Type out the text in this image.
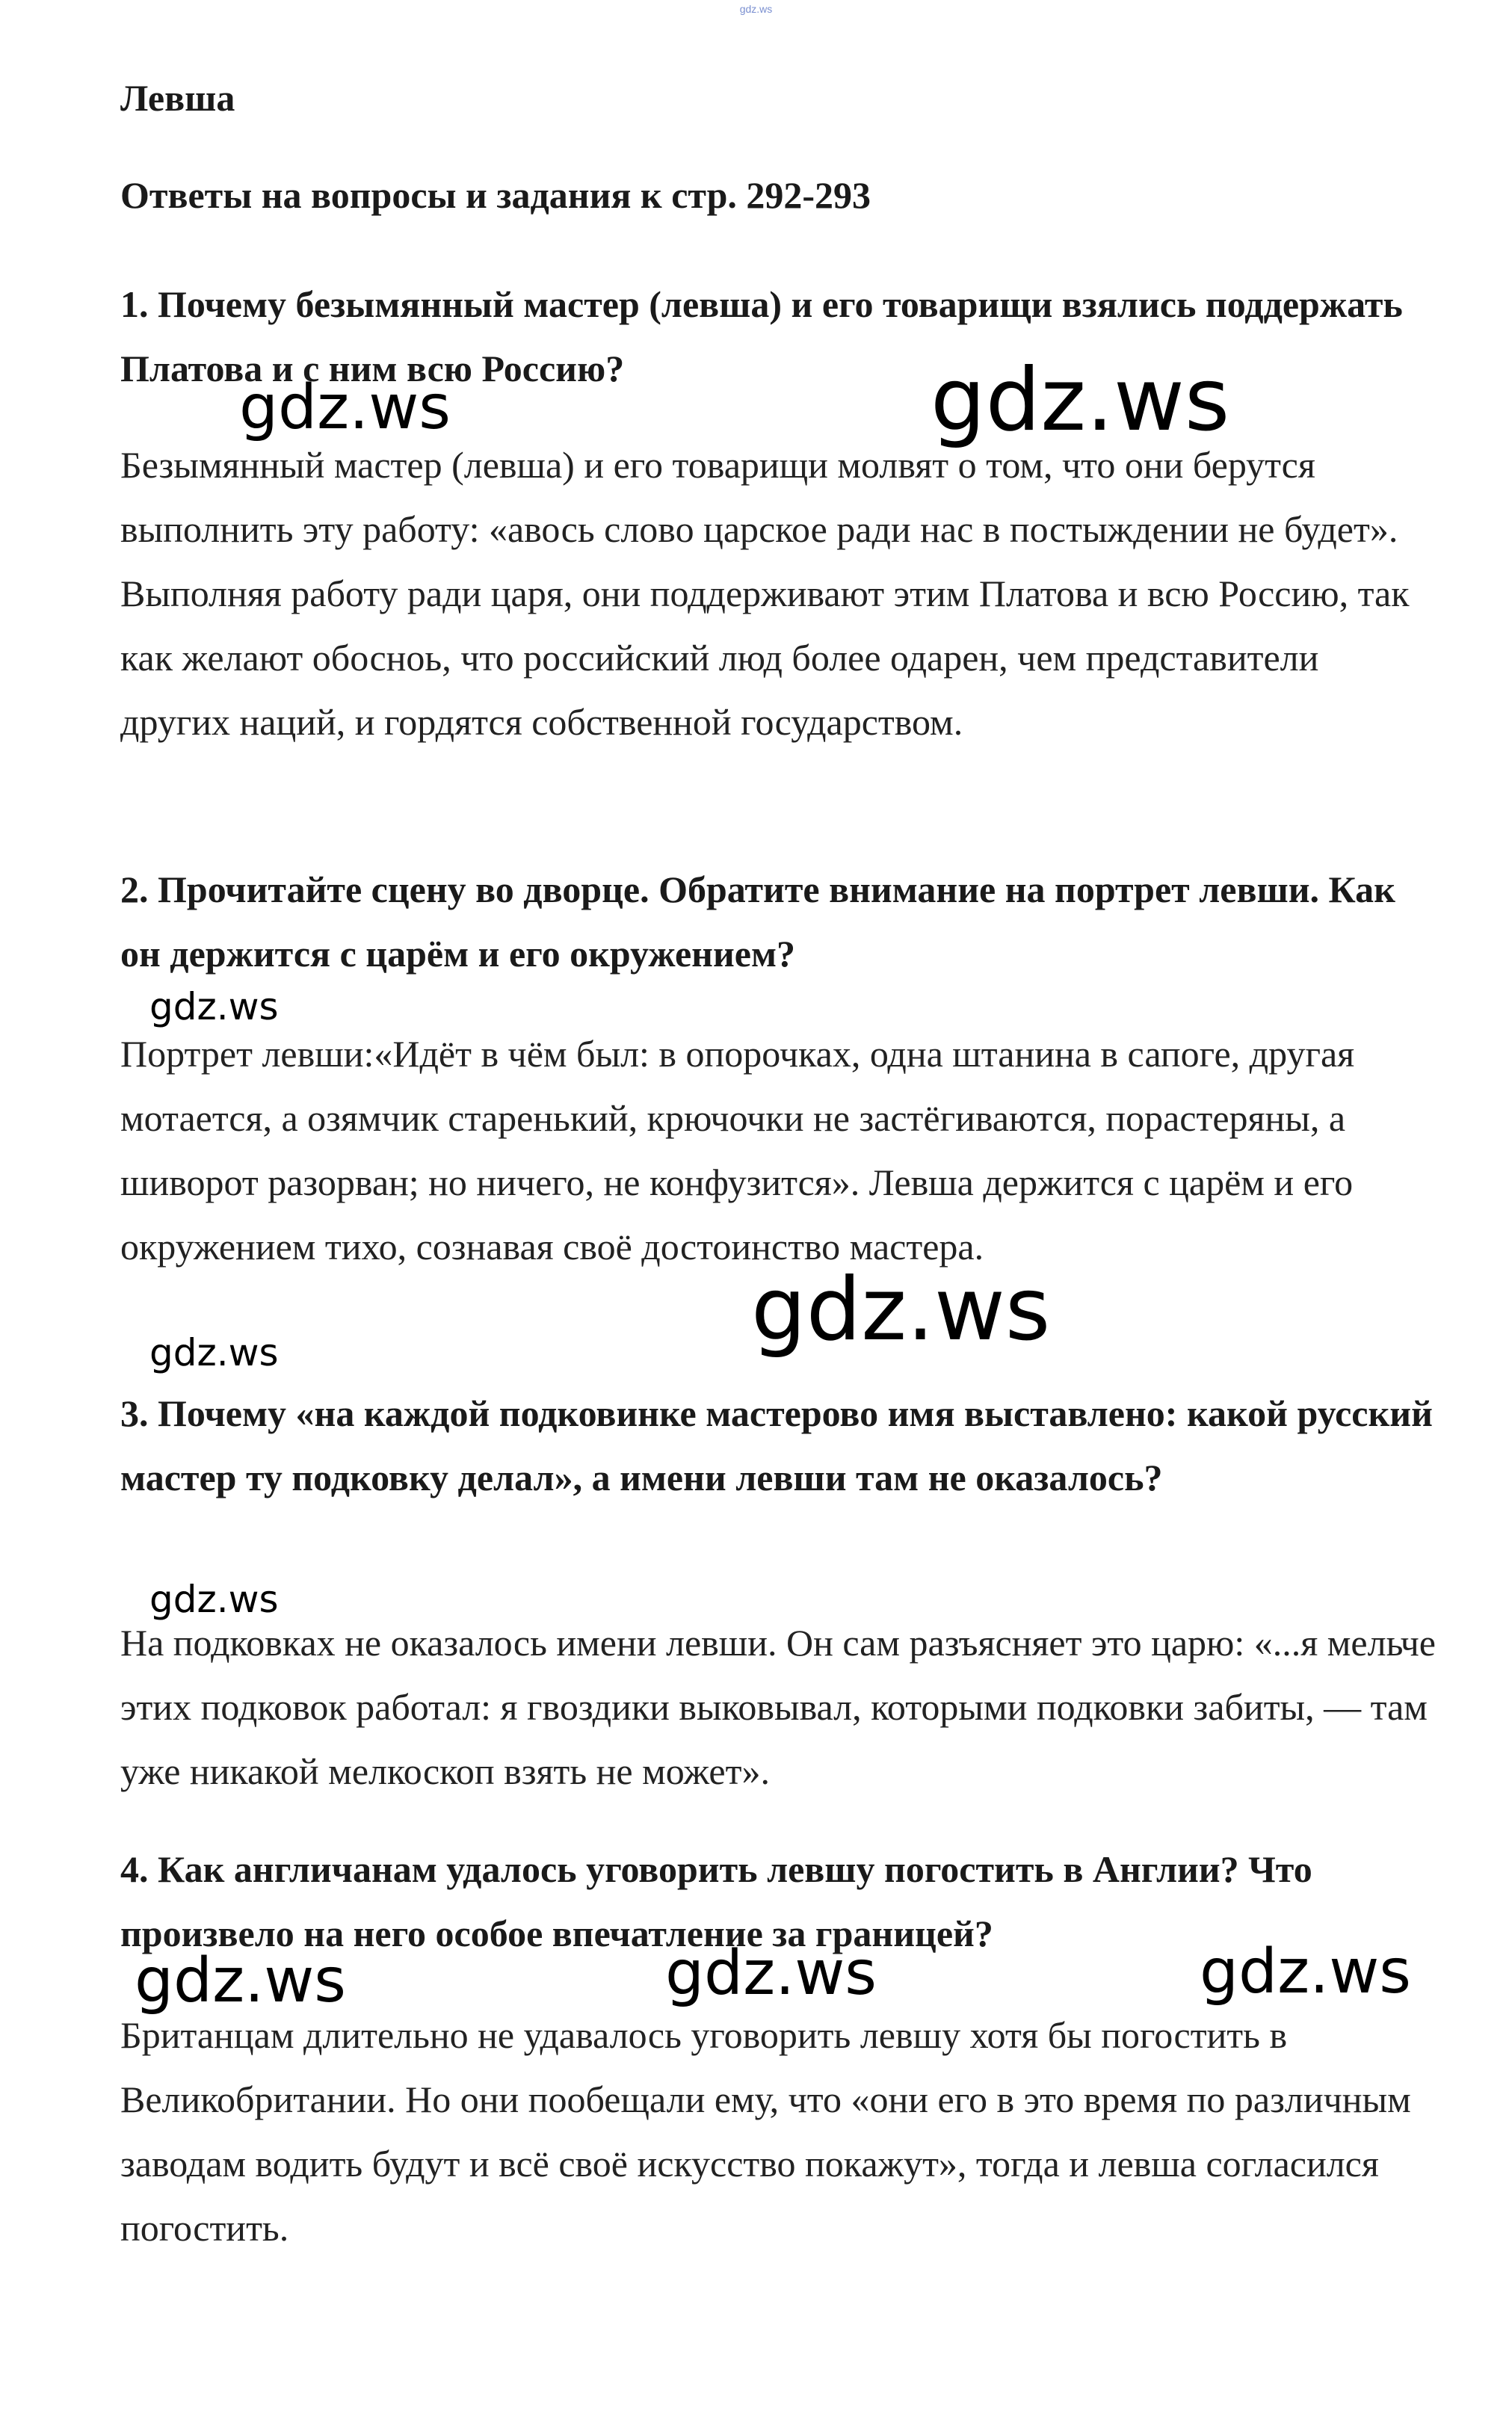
gdz.ws
Левша
Ответы на вопросы и задания к стр. 292-293

1. Почему безымянный мастер (левша) и его товарищи взялись поддержать Платова и с ним всю Россию?

Безымянный мастер (левша) и его товарищи молвят о том, что они берутся выполнить эту работу: «авось слово царское ради нас в постыждении не будет». Выполняя работу ради царя, они поддерживают этим Платова и всю Россию, так как желают обосноь, что российский люд более одарен, чем представители других наций, и гордятся собственной государством.

2. Прочитайте сцену во дворце. Обратите внимание на портрет левши. Как он держится с царём и его окружением?

Портрет левши:«Идёт в чём был: в опорочках, одна штанина в сапоге, другая мотается, а озямчик старенький, крючочки не застёгиваются, порастеряны, а шиворот разорван; но ничего, не конфузится». Левша держится с царём и его окружением тихо, сознавая своё достоинство мастера.

3. Почему «на каждой подковинке мастерово имя выставлено: какой русский мастер ту подковку делал», а имени левши там не оказалось?

На подковках не оказалось имени левши. Он сам разъясняет это царю: «...я мельче этих подковок работал: я гвоздики выковывал, которыми подковки забиты, — там уже никакой мелкоскоп взять не может».

4. Как англичанам удалось уговорить левшу погостить в Англии? Что произвело на него особое впечатление за границей?

Британцам длительно не удавалось уговорить левшу хотя бы погостить в Великобритании. Но они пообещали ему, что «они его в это время по различным заводам водить будут и всё своё искусство покажут», тогда и левша согласился погостить.

gdz.ws	gdz.ws
gdz.ws
gdz.ws
gdz.ws
gdz.ws
gdz.ws	gdz.ws	gdz.ws
